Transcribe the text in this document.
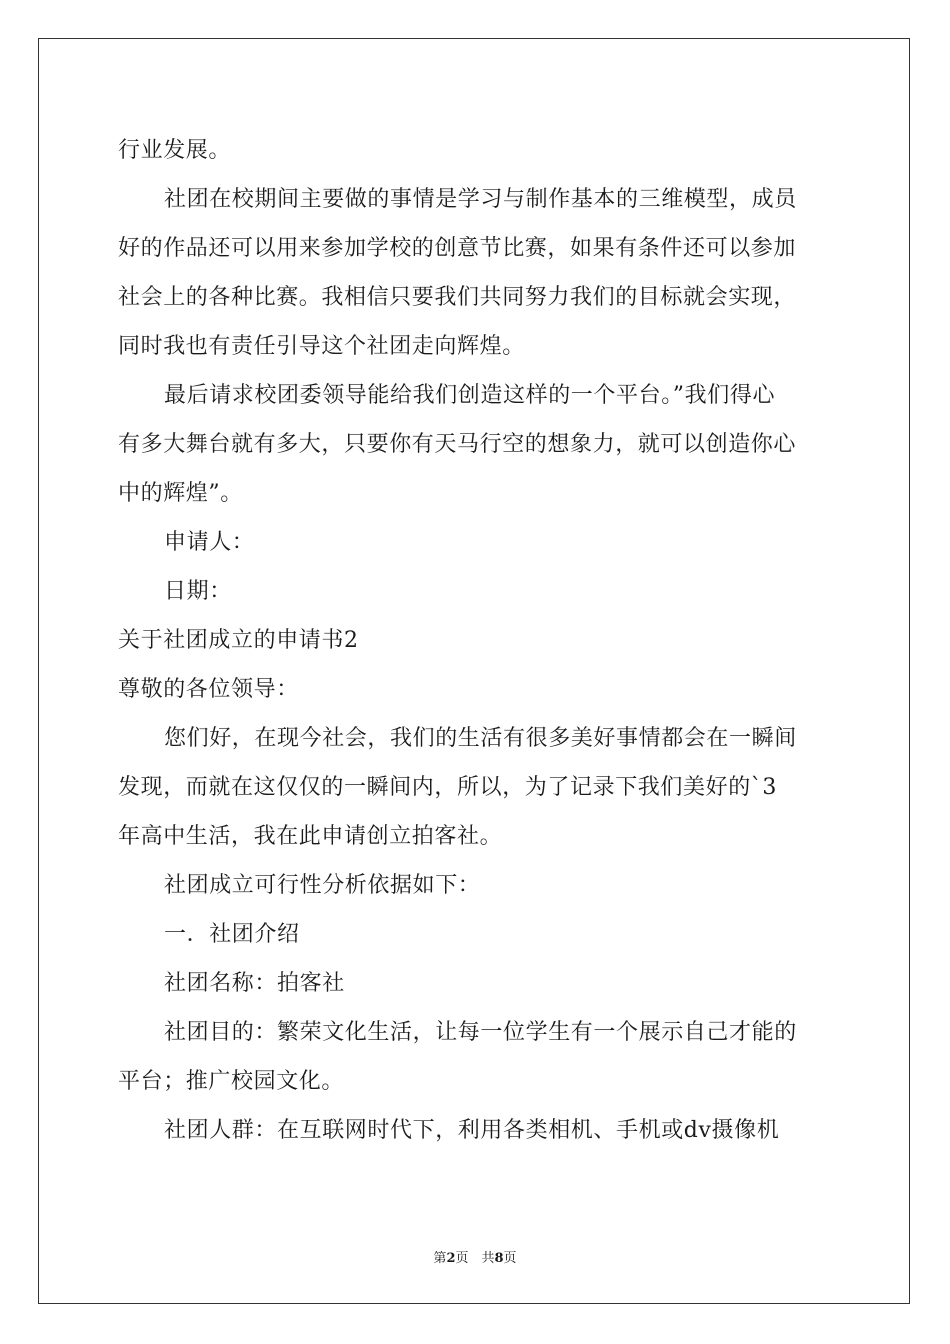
行业发展。
社团在校期间主要做的事情是学习与制作基本的三维模型，成员
好的作品还可以用来参加学校的创意节比赛，如果有条件还可以参加
社会上的各种比赛。我相信只要我们共同努力我们的目标就会实现，
同时我也有责任引导这个社团走向辉煌。
最后请求校团委领导能给我们创造这样的一个平台。”我们得心
有多大舞台就有多大，只要你有天马行空的想象力，就可以创造你心
中的辉煌”。
申请人：
日期：
关于社团成立的申请书2
尊敬的各位领导：
您们好，在现今社会，我们的生活有很多美好事情都会在一瞬间
发现，而就在这仅仅的一瞬间内，所以，为了记录下我们美好的`3
年高中生活，我在此申请创立拍客社。
社团成立可行性分析依据如下：
一．社团介绍
社团名称：拍客社
社团目的：繁荣文化生活，让每一位学生有一个展示自己才能的
平台；推广校园文化。
社团人群：在互联网时代下，利用各类相机、手机或dv摄像机
第2页　共8页
